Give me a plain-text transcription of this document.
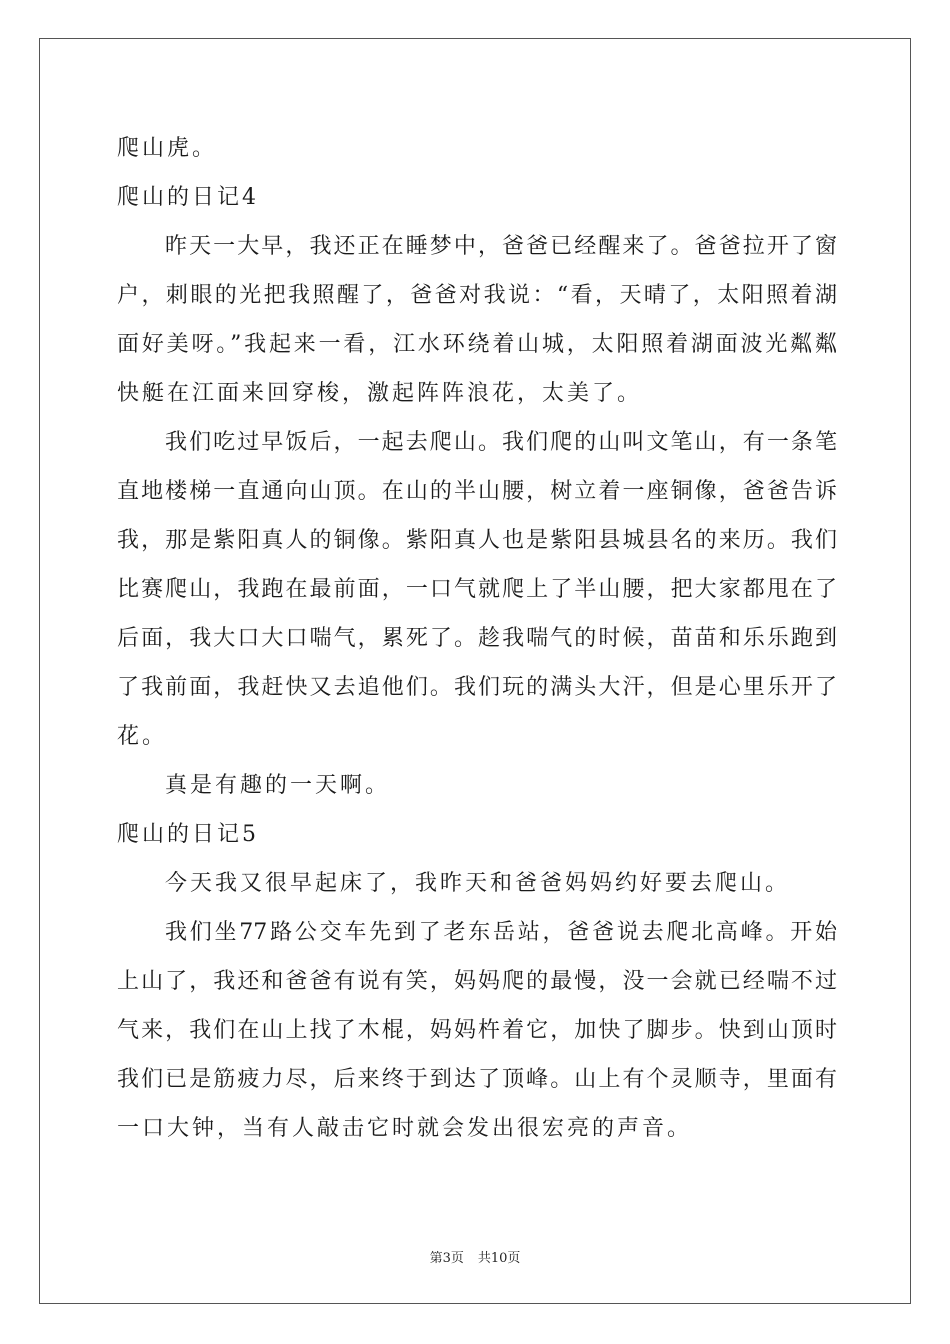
爬山虎。
爬山的日记4
昨天一大早，我还正在睡梦中，爸爸已经醒来了。爸爸拉开了窗
户，刺眼的光把我照醒了，爸爸对我说：“看，天晴了，太阳照着湖
面好美呀。”我起来一看，江水环绕着山城，太阳照着湖面波光粼粼
快艇在江面来回穿梭，激起阵阵浪花，太美了。
我们吃过早饭后，一起去爬山。我们爬的山叫文笔山，有一条笔
直地楼梯一直通向山顶。在山的半山腰，树立着一座铜像，爸爸告诉
我，那是紫阳真人的铜像。紫阳真人也是紫阳县城县名的来历。我们
比赛爬山，我跑在最前面，一口气就爬上了半山腰，把大家都甩在了
后面，我大口大口喘气，累死了。趁我喘气的时候，苗苗和乐乐跑到
了我前面，我赶快又去追他们。我们玩的满头大汗，但是心里乐开了
花。
真是有趣的一天啊。
爬山的日记5
今天我又很早起床了，我昨天和爸爸妈妈约好要去爬山。
我们坐77路公交车先到了老东岳站，爸爸说去爬北高峰。开始
上山了，我还和爸爸有说有笑，妈妈爬的最慢，没一会就已经喘不过
气来，我们在山上找了木棍，妈妈杵着它，加快了脚步。快到山顶时
我们已是筋疲力尽，后来终于到达了顶峰。山上有个灵顺寺，里面有
一口大钟，当有人敲击它时就会发出很宏亮的声音。
第3页 共10页
